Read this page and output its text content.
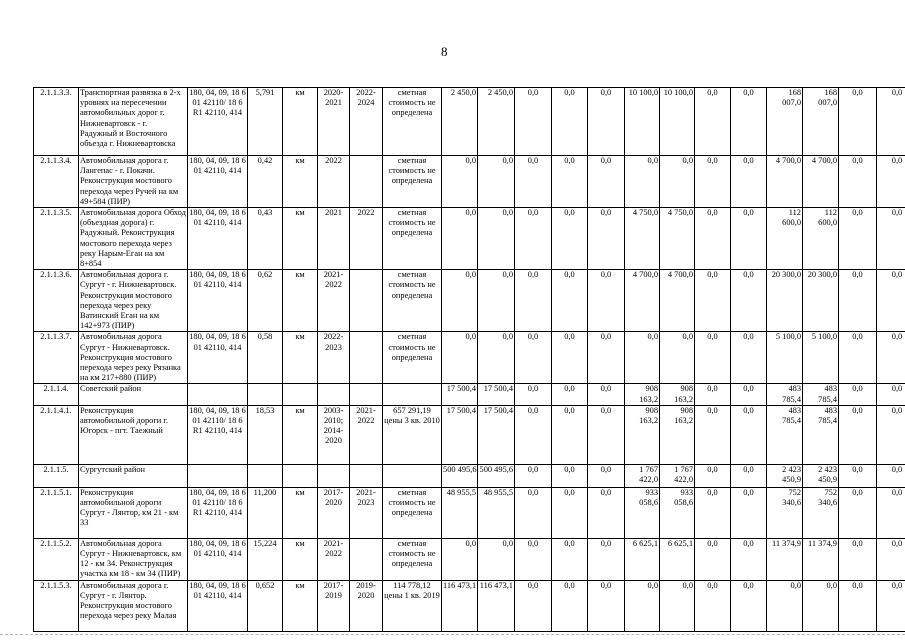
8
2.1.1.3.3.	Транспортная развязка в 2-х уровнях на пересечении автомобильных дорог г. Нижневартовск - г. Радужный и Восточного объезда г. Нижневартовска	180, 04, 09, 18 6 01 42110/ 18 6 R1 42110, 414	5,791	км	2020-2021	2022-2024	сметная стоимость не определена	2 450,0	2 450,0	0,0	0,0	0,0	10 100,0	10 100,0	0,0	0,0	168 007,0	168 007,0	0,0	0,0
2.1.1.3.4.	Автомобильная дорога г. Лангепас - г. Покачи. Реконструкция мостового перехода через Ручей на км 49+584 (ПИР)	180, 04, 09, 18 6 01 42110, 414	0,42	км	2022		сметная стоимость не определена	0,0	0,0	0,0	0,0	0,0	0,0	0,0	0,0	0,0	4 700,0	4 700,0	0,0	0,0
2.1.1.3.5.	Автомобильная дорога Обход (объездная дорога) г. Радужный. Реконструкция мостового перехода через реку Нарым-Еган на км 8+854	180, 04, 09, 18 6 01 42110, 414	0,43	км	2021	2022	сметная стоимость не определена	0,0	0,0	0,0	0,0	0,0	4 750,0	4 750,0	0,0	0,0	112 600,0	112 600,0	0,0	0,0
2.1.1.3.6.	Автомобильная дорога г. Сургут - г. Нижневартовск. Реконструкция мостового перехода через реку Ватинский Еган на км 142+973 (ПИР)	180, 04, 09, 18 6 01 42110, 414	0,62	км	2021-2022		сметная стоимость не определена	0,0	0,0	0,0	0,0	0,0	4 700,0	4 700,0	0,0	0,0	20 300,0	20 300,0	0,0	0,0
2.1.1.3.7.	Автомобильная дорога Сургут - Нижневартовск. Реконструкция мостового перехода через реку Рязанка на км 217+880 (ПИР)	180, 04, 09, 18 6 01 42110, 414	0,58	км	2022-2023		сметная стоимость не определена	0,0	0,0	0,0	0,0	0,0	0,0	0,0	0,0	0,0	5 100,0	5 100,0	0,0	0,0
2.1.1.4.	Советский район							17 500,4	17 500,4	0,0	0,0	0,0	908 163,2	908 163,2	0,0	0,0	483 785,4	483 785,4	0,0	0,0
2.1.1.4.1.	Реконструкция автомобильной дороги г. Югорск - пгт. Таежный	180, 04, 09, 18 6 01 42110/ 18 6 R1 42110, 414	18,53	км	2003-2010; 2014-2020	2021-2022	657 291,19 цены 3 кв. 2010	17 500,4	17 500,4	0,0	0,0	0,0	908 163,2	908 163,2	0,0	0,0	483 785,4	483 785,4	0,0	0,0
2.1.1.5.	Сургутский район							500 495,6	500 495,6	0,0	0,0	0,0	1 767 422,0	1 767 422,0	0,0	0,0	2 423 450,9	2 423 450,9	0,0	0,0
2.1.1.5.1.	Реконструкция автомобильной дороги Сургут - Лянтор, км 21 - км 33	180, 04, 09, 18 6 01 42110/ 18 6 R1 42110, 414	11,200	км	2017-2020	2021-2023	сметная стоимость не определена	48 955,5	48 955,5	0,0	0,0	0,0	933 058,6	933 058,6	0,0	0,0	752 340,6	752 340,6	0,0	0,0
2.1.1.5.2.	Автомобильная дорога Сургут - Нижневартовск, км 12 - км 34. Реконструкция участка км 18 - км 34 (ПИР)	180, 04, 09, 18 6 01 42110, 414	15,224	км	2021-2022		сметная стоимость не определена	0,0	0,0	0,0	0,0	0,0	6 625,1	6 625,1	0,0	0,0	11 374,9	11 374,9	0,0	0,0
2.1.1.5.3.	Автомобильная дорога г. Сургут - г. Лянтор. Реконструкция мостового перехода через реку Малая	180, 04, 09, 18 6 01 42110, 414	0,652	км	2017-2019	2019-2020	114 778,12 цены 1 кв. 2019	116 473,1	116 473,1	0,0	0,0	0,0	0,0	0,0	0,0	0,0	0,0	0,0	0,0	0,0
